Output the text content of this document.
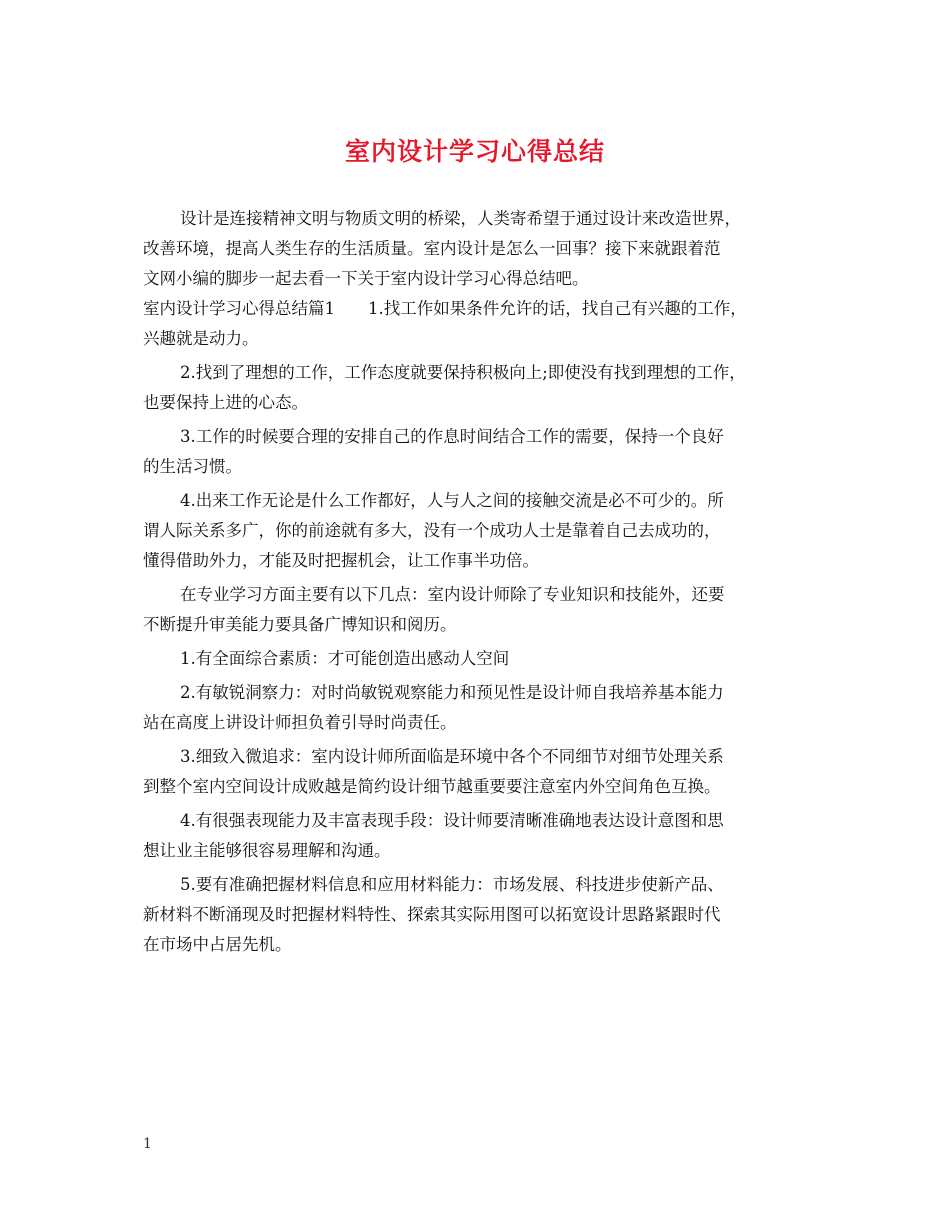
室内设计学习心得总结
设计是连接精神文明与物质文明的桥梁，人类寄希望于通过设计来改造世界，
改善环境，提高人类生存的生活质量。室内设计是怎么一回事？接下来就跟着范
文网小编的脚步一起去看一下关于室内设计学习心得总结吧。
室内设计学习心得总结篇1　　1.找工作如果条件允许的话，找自己有兴趣的工作，
兴趣就是动力。
2.找到了理想的工作，工作态度就要保持积极向上;即使没有找到理想的工作，
也要保持上进的心态。
3.工作的时候要合理的安排自己的作息时间结合工作的需要，保持一个良好
的生活习惯。
4.出来工作无论是什么工作都好，人与人之间的接触交流是必不可少的。所
谓人际关系多广，你的前途就有多大，没有一个成功人士是靠着自己去成功的，
懂得借助外力，才能及时把握机会，让工作事半功倍。
在专业学习方面主要有以下几点：室内设计师除了专业知识和技能外，还要
不断提升审美能力要具备广博知识和阅历。
1.有全面综合素质：才可能创造出感动人空间
2.有敏锐洞察力：对时尚敏锐观察能力和预见性是设计师自我培养基本能力
站在高度上讲设计师担负着引导时尚责任。
3.细致入微追求：室内设计师所面临是环境中各个不同细节对细节处理关系
到整个室内空间设计成败越是简约设计细节越重要要注意室内外空间角色互换。
4.有很强表现能力及丰富表现手段：设计师要清晰准确地表达设计意图和思
想让业主能够很容易理解和沟通。
5.要有准确把握材料信息和应用材料能力：市场发展、科技进步使新产品、
新材料不断涌现及时把握材料特性、探索其实际用图可以拓宽设计思路紧跟时代
在市场中占居先机。
1
